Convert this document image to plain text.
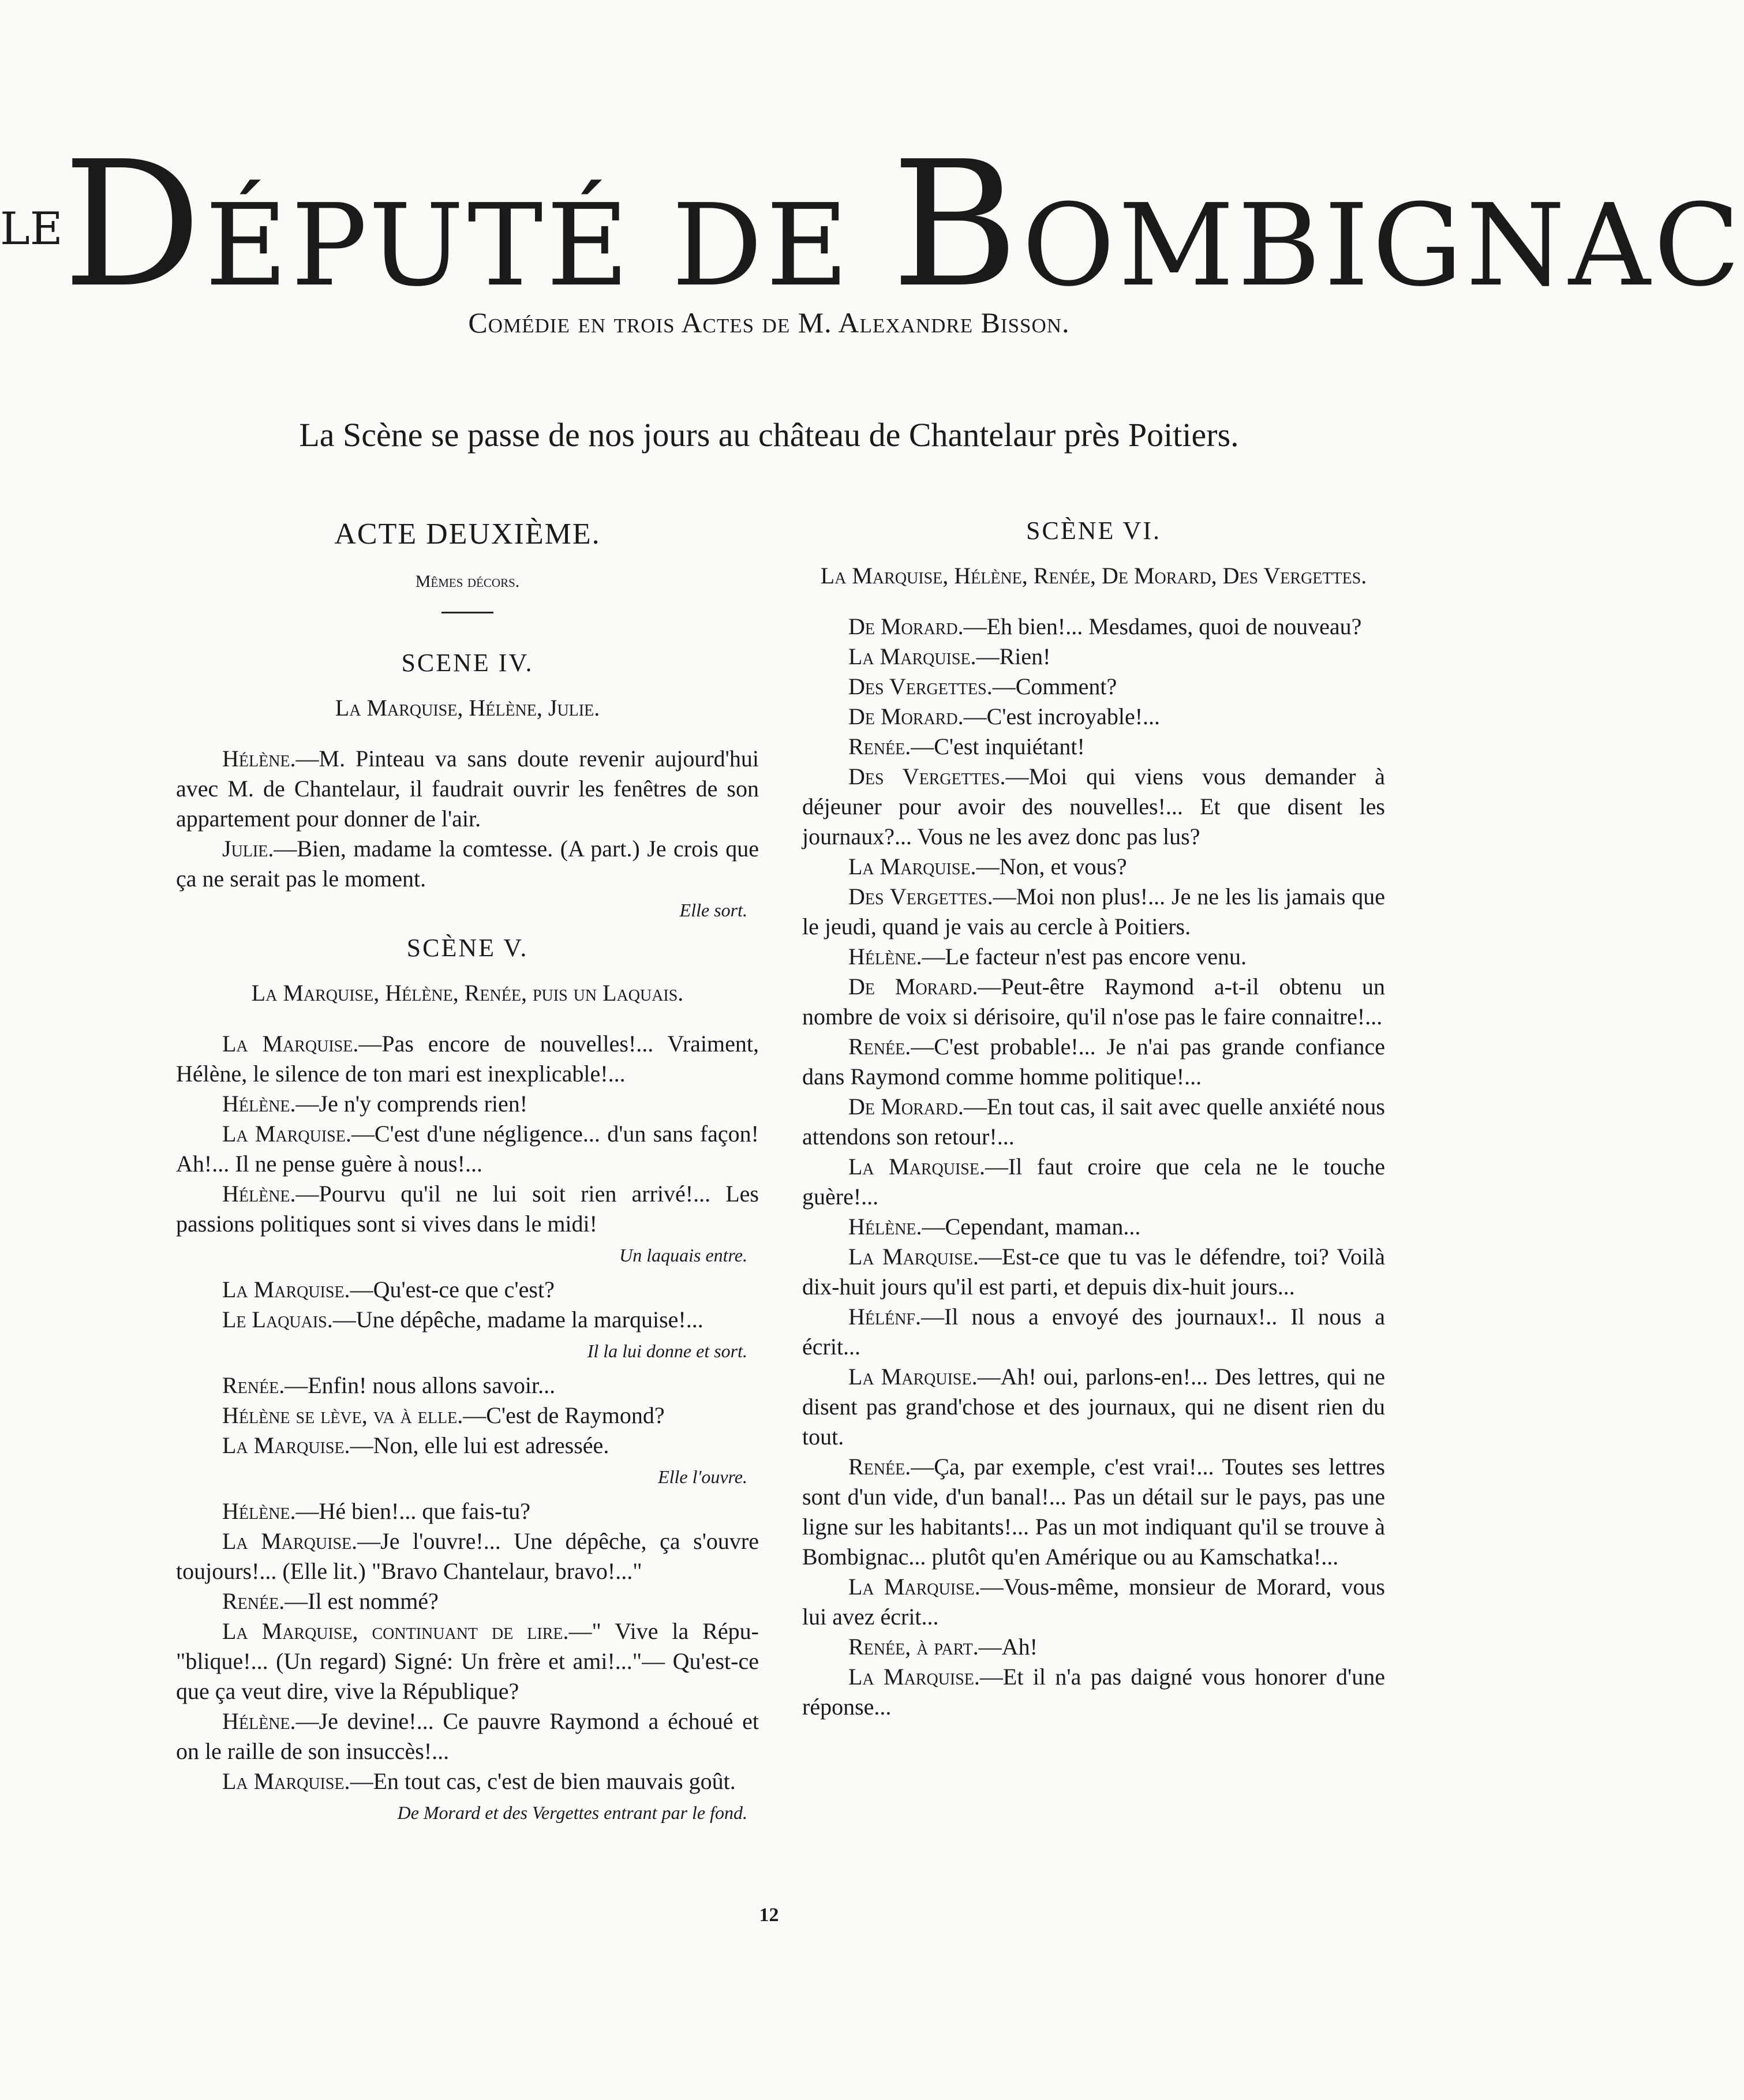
$^{LE}$DÉPUTÉ DE BOMBIGNAC
Comédie en trois Actes de M. Alexandre Bisson.
La Scène se passe de nos jours au château de Chantelaur près Poitiers.
ACTE DEUXIÈME.
Mêmes décors.
SCENE IV.
La Marquise, Hélène, Julie.

Hélène.—M. Pinteau va sans doute revenir aujourd'hui avec M. de Chantelaur, il faudrait ouvrir les fenêtres de son appartement pour donner de l'air.

Julie.—Bien, madame la comtesse. (A part.) Je crois que ça ne serait pas le moment.

Elle sort.
SCÈNE V.
La Marquise, Hélène, Renée, puis un Laquais.

La Marquise.—Pas encore de nouvelles!... Vraiment, Hélène, le silence de ton mari est inexplicable!...

Hélène.—Je n'y comprends rien!

La Marquise.—C'est d'une négligence... d'un sans façon! Ah!... Il ne pense guère à nous!...

Hélène.—Pourvu qu'il ne lui soit rien arrivé!... Les passions politiques sont si vives dans le midi!

Un laquais entre.

La Marquise.—Qu'est-ce que c'est?

Le Laquais.—Une dépêche, madame la marquise!...

Il la lui donne et sort.

Renée.—Enfin! nous allons savoir...

Hélène se lève, va à elle.—C'est de Raymond?

La Marquise.—Non, elle lui est adressée.

Elle l'ouvre.

Hélène.—Hé bien!... que fais-tu?

La Marquise.—Je l'ouvre!... Une dépêche, ça s'ouvre toujours!... (Elle lit.) "Bravo Chantelaur, bravo!..."

Renée.—Il est nommé?

La Marquise, continuant de lire.—" Vive la Répu- "blique!... (Un regard) Signé: Un frère et ami!..."— Qu'est-ce que ça veut dire, vive la République?

Hélène.—Je devine!... Ce pauvre Raymond a échoué et on le raille de son insuccès!...

La Marquise.—En tout cas, c'est de bien mauvais goût.

De Morard et des Vergettes entrant par le fond.
SCÈNE VI.
La Marquise, Hélène, Renée, De Morard, Des Vergettes.

De Morard.—Eh bien!... Mesdames, quoi de nouveau?

La Marquise.—Rien!

Des Vergettes.—Comment?

De Morard.—C'est incroyable!...

Renée.—C'est inquiétant!

Des Vergettes.—Moi qui viens vous demander à déjeuner pour avoir des nouvelles!... Et que disent les journaux?... Vous ne les avez donc pas lus?

La Marquise.—Non, et vous?

Des Vergettes.—Moi non plus!... Je ne les lis jamais que le jeudi, quand je vais au cercle à Poitiers.

Hélène.—Le facteur n'est pas encore venu.

De Morard.—Peut-être Raymond a-t-il obtenu un nombre de voix si dérisoire, qu'il n'ose pas le faire connaitre!...

Renée.—C'est probable!... Je n'ai pas grande confiance dans Raymond comme homme politique!...

De Morard.—En tout cas, il sait avec quelle anxiété nous attendons son retour!...

La Marquise.—Il faut croire que cela ne le touche guère!...

Hélène.—Cependant, maman...

La Marquise.—Est-ce que tu vas le défendre, toi? Voilà dix-huit jours qu'il est parti, et depuis dix-huit jours...

Hélénf.—Il nous a envoyé des journaux!.. Il nous a écrit...

La Marquise.—Ah! oui, parlons-en!... Des lettres, qui ne disent pas grand'chose et des journaux, qui ne disent rien du tout.

Renée.—Ça, par exemple, c'est vrai!... Toutes ses lettres sont d'un vide, d'un banal!... Pas un détail sur le pays, pas une ligne sur les habitants!... Pas un mot indiquant qu'il se trouve à Bombignac... plutôt qu'en Amérique ou au Kamschatka!...

La Marquise.—Vous-même, monsieur de Morard, vous lui avez écrit...

Renée, à part.—Ah!

La Marquise.—Et il n'a pas daigné vous honorer d'une réponse...

12
